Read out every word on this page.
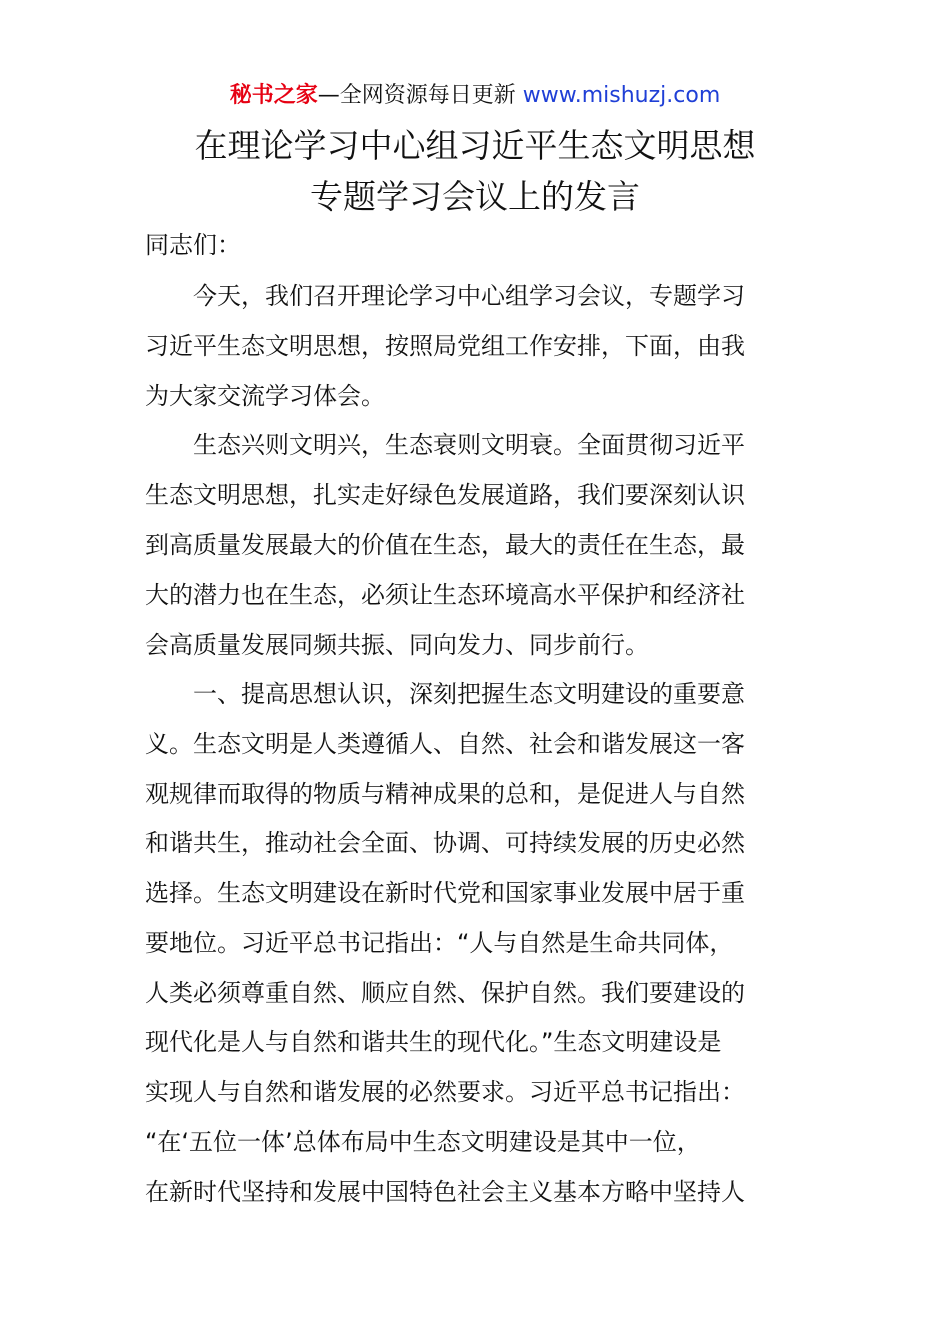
秘书之家—全网资源每日更新 www.mishuzj.com
在理论学习中心组习近平生态文明思想
专题学习会议上的发言
同志们：
今天，我们召开理论学习中心组学习会议，专题学习
习近平生态文明思想，按照局党组工作安排，下面，由我
为大家交流学习体会。
生态兴则文明兴，生态衰则文明衰。全面贯彻习近平
生态文明思想，扎实走好绿色发展道路，我们要深刻认识
到高质量发展最大的价值在生态，最大的责任在生态，最
大的潜力也在生态，必须让生态环境高水平保护和经济社
会高质量发展同频共振、同向发力、同步前行。
一、提高思想认识，深刻把握生态文明建设的重要意
义。生态文明是人类遵循人、自然、社会和谐发展这一客
观规律而取得的物质与精神成果的总和，是促进人与自然
和谐共生，推动社会全面、协调、可持续发展的历史必然
选择。生态文明建设在新时代党和国家事业发展中居于重
要地位。习近平总书记指出：“人与自然是生命共同体，
人类必须尊重自然、顺应自然、保护自然。我们要建设的
现代化是人与自然和谐共生的现代化。”生态文明建设是
实现人与自然和谐发展的必然要求。习近平总书记指出：
“在‘五位一体’总体布局中生态文明建设是其中一位，
在新时代坚持和发展中国特色社会主义基本方略中坚持人
